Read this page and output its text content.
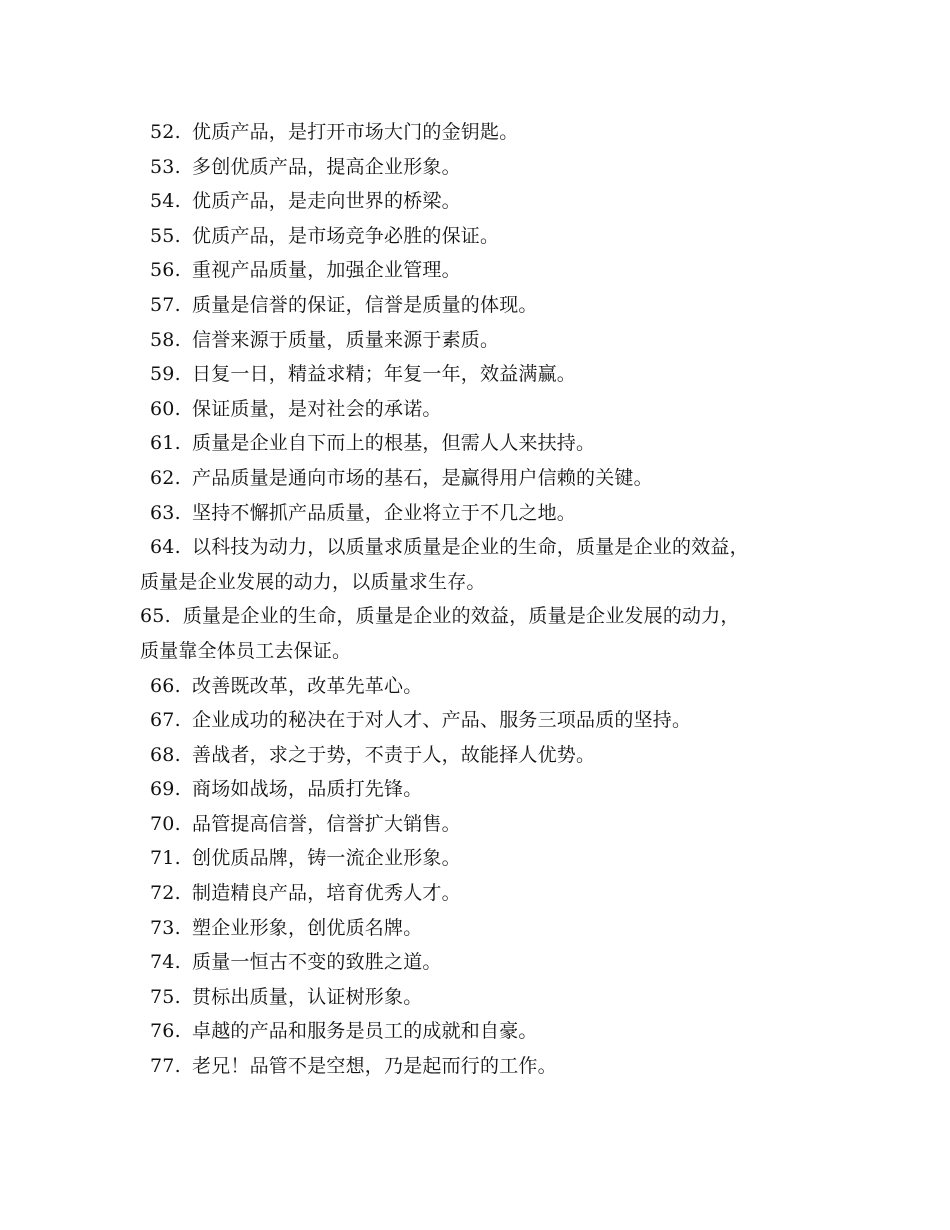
52. 优质产品，是打开市场大门的金钥匙。
53. 多创优质产品，提高企业形象。
54. 优质产品，是走向世界的桥梁。
55. 优质产品，是市场竞争必胜的保证。
56. 重视产品质量，加强企业管理。
57. 质量是信誉的保证，信誉是质量的体现。
58. 信誉来源于质量，质量来源于素质。
59. 日复一日，精益求精；年复一年，效益满赢。
60. 保证质量，是对社会的承诺。
61. 质量是企业自下而上的根基，但需人人来扶持。
62. 产品质量是通向市场的基石，是赢得用户信赖的关键。
63. 坚持不懈抓产品质量，企业将立于不几之地。
64. 以科技为动力，以质量求质量是企业的生命，质量是企业的效益，
质量是企业发展的动力，以质量求生存。
65. 质量是企业的生命，质量是企业的效益，质量是企业发展的动力，
质量靠全体员工去保证。
66. 改善既改革，改革先革心。
67. 企业成功的秘决在于对人才、产品、服务三项品质的坚持。
68. 善战者，求之于势，不责于人，故能择人优势。
69. 商场如战场，品质打先锋。
70. 品管提高信誉，信誉扩大销售。
71. 创优质品牌，铸一流企业形象。
72. 制造精良产品，培育优秀人才。
73. 塑企业形象，创优质名牌。
74. 质量一恒古不变的致胜之道。
75. 贯标出质量，认证树形象。
76. 卓越的产品和服务是员工的成就和自豪。
77. 老兄！品管不是空想，乃是起而行的工作。
